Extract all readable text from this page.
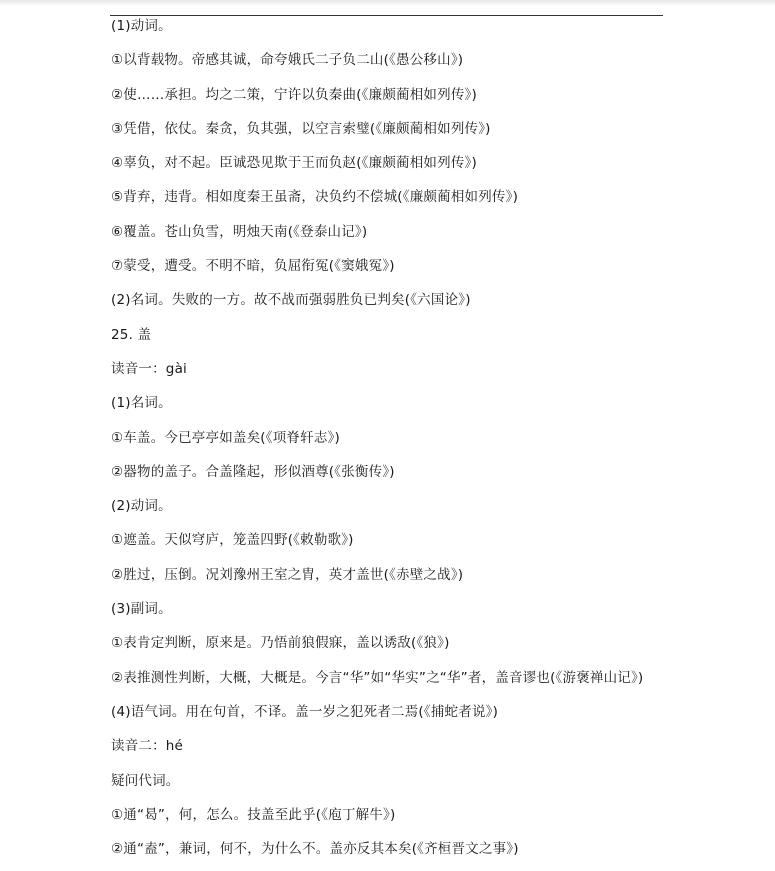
(1)动词。
①以背载物。帝感其诚，命夸娥氏二子负二山(《愚公移山》)
②使……承担。均之二策，宁许以负秦曲(《廉颇蔺相如列传》)
③凭借，依仗。秦贪，负其强，以空言索璧(《廉颇蔺相如列传》)
④辜负，对不起。臣诚恐见欺于王而负赵(《廉颇蔺相如列传》)
⑤背弃，违背。相如度秦王虽斋，决负约不偿城(《廉颇蔺相如列传》)
⑥覆盖。苍山负雪，明烛天南(《登泰山记》)
⑦蒙受，遭受。不明不暗，负屈衔冤(《窦娥冤》)
(2)名词。失败的一方。故不战而强弱胜负已判矣(《六国论》)
25. 盖
读音一：gài
(1)名词。
①车盖。今已亭亭如盖矣(《项脊轩志》)
②器物的盖子。合盖隆起，形似酒尊(《张衡传》)
(2)动词。
①遮盖。天似穹庐，笼盖四野(《敕勒歌》)
②胜过，压倒。况刘豫州王室之胄，英才盖世(《赤壁之战》)
(3)副词。
①表肯定判断，原来是。乃悟前狼假寐，盖以诱敌(《狼》)
②表推测性判断，大概，大概是。今言“华”如“华实”之“华”者，盖音谬也(《游褒禅山记》)
(4)语气词。用在句首，不译。盖一岁之犯死者二焉(《捕蛇者说》)
读音二：hé
疑问代词。
①通“曷”，何，怎么。技盖至此乎(《庖丁解牛》)
②通“盍”，兼词，何不，为什么不。盖亦反其本矣(《齐桓晋文之事》)
